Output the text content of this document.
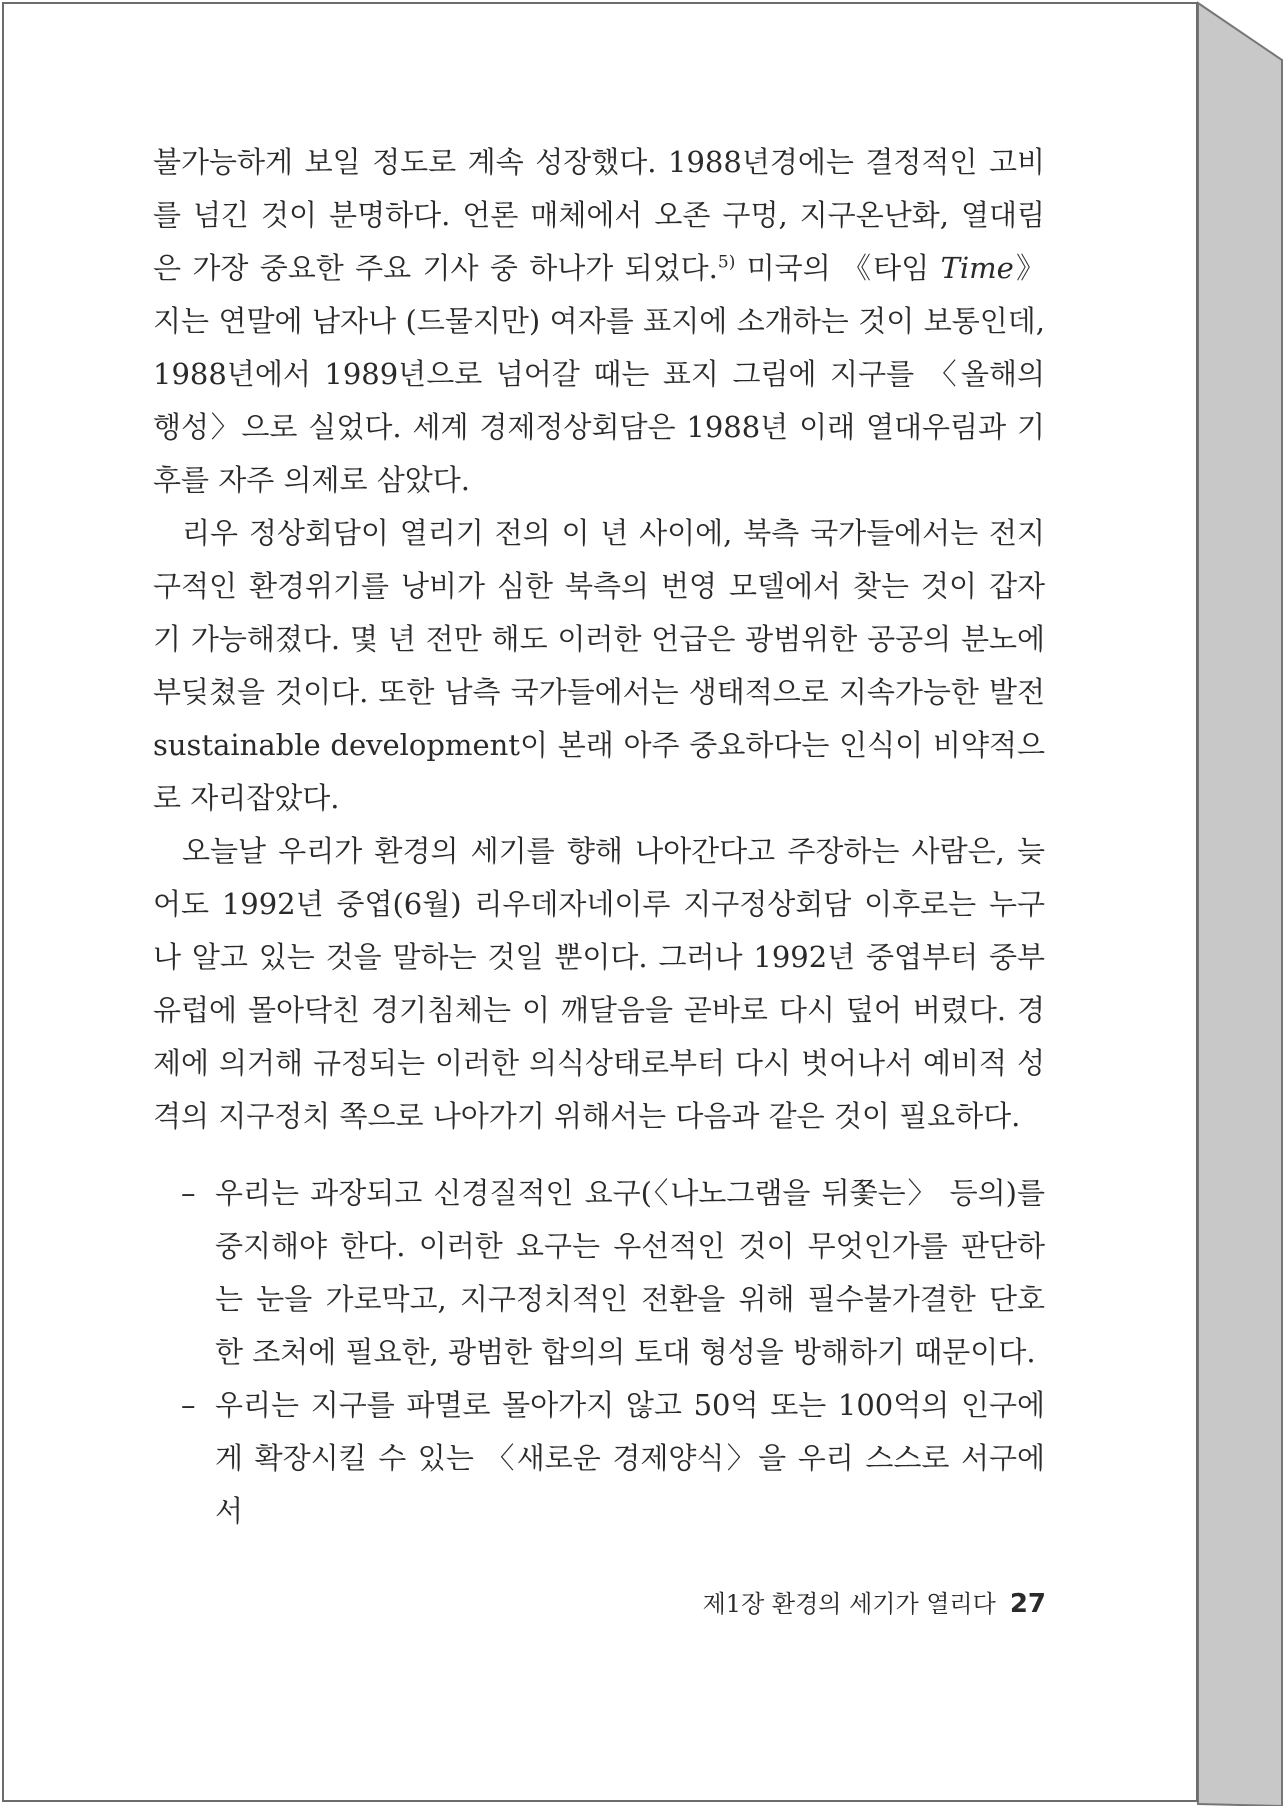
불가능하게 보일 정도로 계속 성장했다. 1988년경에는 결정적인 고비를 넘긴 것이 분명하다. 언론 매체에서 오존 구멍, 지구온난화, 열대림은 가장 중요한 주요 기사 중 하나가 되었다.$^{5)}$ 미국의 《타임 Time》지는 연말에 남자나 (드물지만) 여자를 표지에 소개하는 것이 보통인데, 1988년에서 1989년으로 넘어갈 때는 표지 그림에 지구를 〈올해의 행성〉으로 실었다. 세계 경제정상회담은 1988년 이래 열대우림과 기후를 자주 의제로 삼았다.

리우 정상회담이 열리기 전의 이 년 사이에, 북측 국가들에서는 전지구적인 환경위기를 낭비가 심한 북측의 번영 모델에서 찾는 것이 갑자기 가능해졌다. 몇 년 전만 해도 이러한 언급은 광범위한 공공의 분노에 부딪쳤을 것이다. 또한 남측 국가들에서는 생태적으로 지속가능한 발전 sustainable development이 본래 아주 중요하다는 인식이 비약적으로 자리잡았다.

오늘날 우리가 환경의 세기를 향해 나아간다고 주장하는 사람은, 늦어도 1992년 중엽(6월) 리우데자네이루 지구정상회담 이후로는 누구나 알고 있는 것을 말하는 것일 뿐이다. 그러나 1992년 중엽부터 중부유럽에 몰아닥친 경기침체는 이 깨달음을 곧바로 다시 덮어 버렸다. 경제에 의거해 규정되는 이러한 의식상태로부터 다시 벗어나서 예비적 성격의 지구정치 쪽으로 나아가기 위해서는 다음과 같은 것이 필요하다.

– 우리는 과장되고 신경질적인 요구(〈나노그램을 뒤쫓는〉 등의)를 중지해야 한다. 이러한 요구는 우선적인 것이 무엇인가를 판단하는 눈을 가로막고, 지구정치적인 전환을 위해 필수불가결한 단호한 조처에 필요한, 광범한 합의의 토대 형성을 방해하기 때문이다.
– 우리는 지구를 파멸로 몰아가지 않고 50억 또는 100억의 인구에게 확장시킬 수 있는 〈새로운 경제양식〉을 우리 스스로 서구에서
제1장 환경의 세기가 열리다 27
